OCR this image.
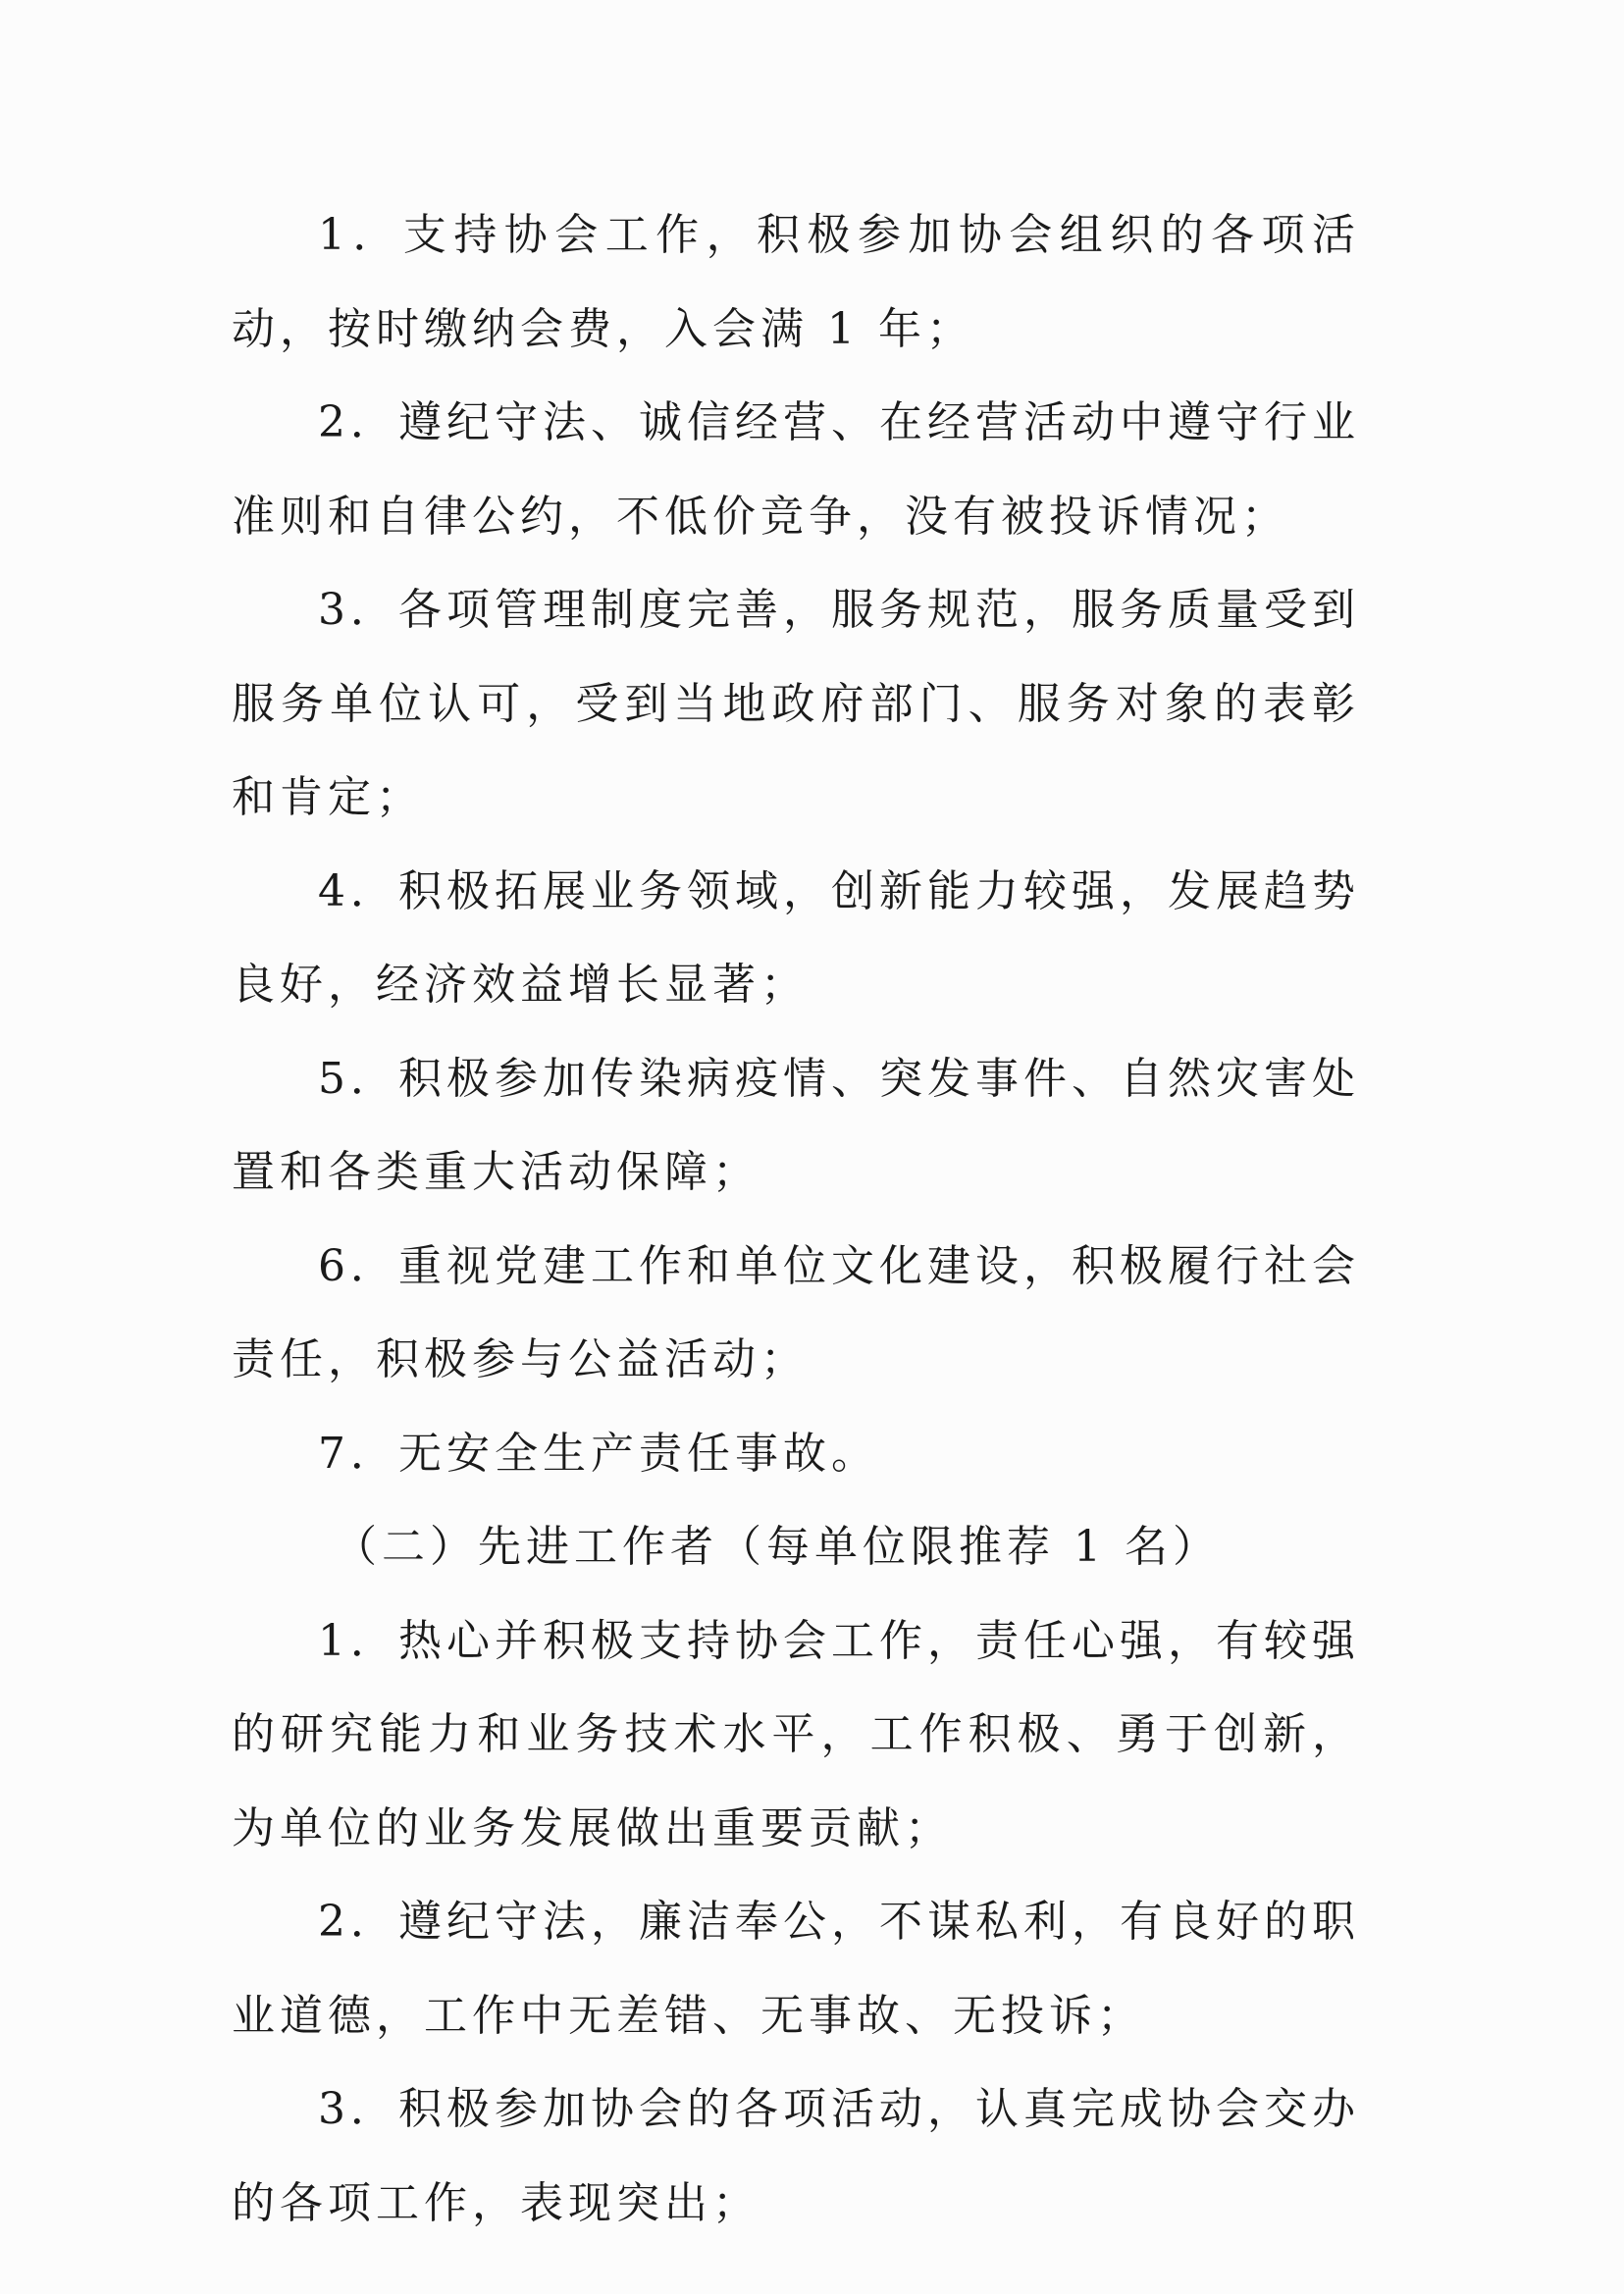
1．支持协会工作，积极参加协会组织的各项活动，按时缴纳会费，入会满 1 年；

2．遵纪守法、诚信经营、在经营活动中遵守行业准则和自律公约，不低价竞争，没有被投诉情况；

3．各项管理制度完善，服务规范，服务质量受到服务单位认可，受到当地政府部门、服务对象的表彰和肯定；

4．积极拓展业务领域，创新能力较强，发展趋势良好，经济效益增长显著；

5．积极参加传染病疫情、突发事件、自然灾害处置和各类重大活动保障；

6．重视党建工作和单位文化建设，积极履行社会责任，积极参与公益活动；

7．无安全生产责任事故。

（二）先进工作者（每单位限推荐 1 名）

1．热心并积极支持协会工作，责任心强，有较强的研究能力和业务技术水平，工作积极、勇于创新，为单位的业务发展做出重要贡献；

2．遵纪守法，廉洁奉公，不谋私利，有良好的职业道德，工作中无差错、无事故、无投诉；

3．积极参加协会的各项活动，认真完成协会交办的各项工作，表现突出；
